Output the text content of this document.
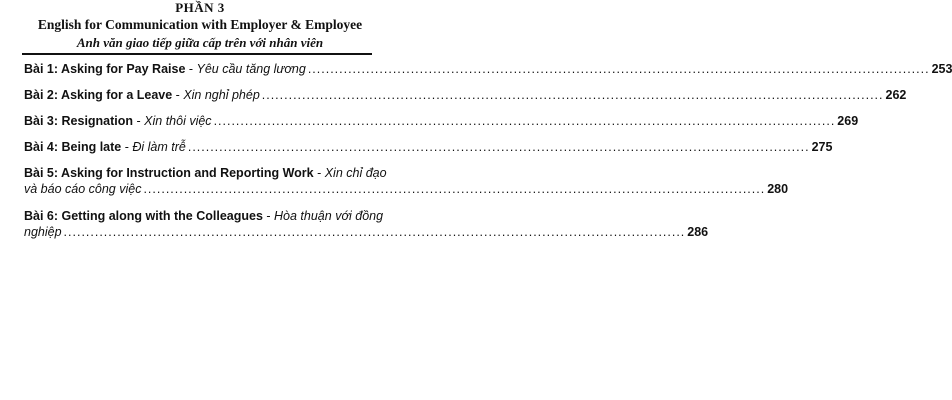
PHẦN 3
English for Communication with Employer & Employee
Anh văn giao tiếp giữa cấp trên với nhân viên
Bài 1: Asking for Pay Raise - Yêu cầu tăng lương .....	253
Bài 2: Asking for a Leave - Xin nghỉ phép .....	262
Bài 3: Resignation - Xin thôi việc .....	269
Bài 4: Being late - Đi làm trễ .....	275
Bài 5: Asking for Instruction and Reporting Work - Xin chỉ đạo
và báo cáo công việc .....	280
Bài 6: Getting along with the Colleagues - Hòa thuận với đồng
nghiệp .....	286
